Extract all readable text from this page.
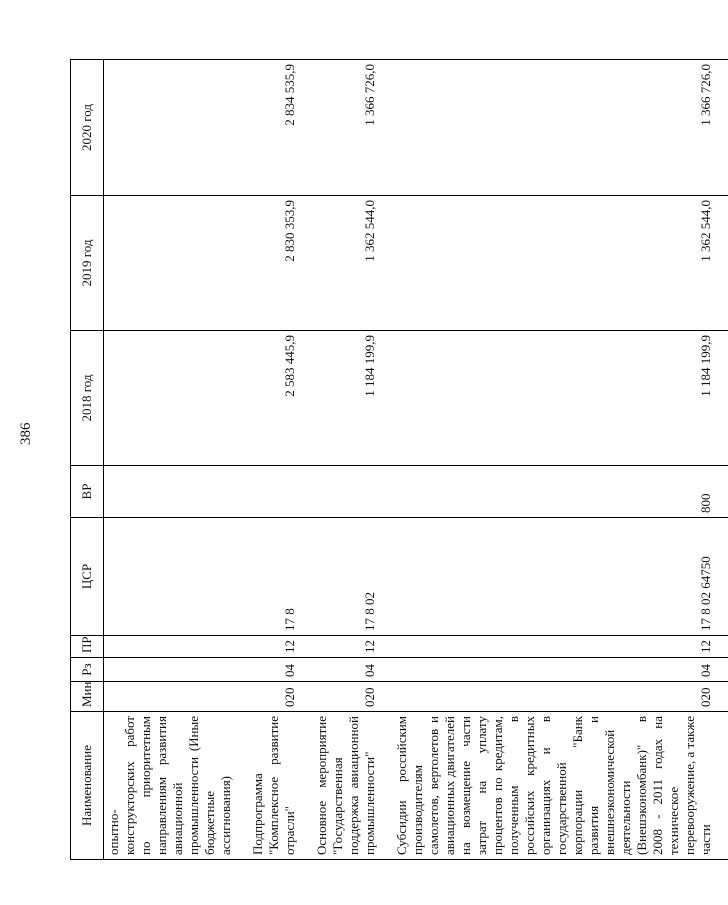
386
Наименование	Мин	Рз	ПР	ЦСР	ВР	2018 год	2019 год	2020 год
опытно-конструкторских работ по приоритетным направлениям развития авиационной промышленности (Иные бюджетные ассигнования)								
Подпрограмма "Комплексное развитие отрасли"	020	04	12	17 8		2 583 445,9	2 830 353,9	2 834 535,9
Основное мероприятие "Государственная поддержка авиационной промышленности"	020	04	12	17 8 02		1 184 199,9	1 362 544,0	1 366 726,0
Субсидии российским производителям самолетов, вертолетов и авиационных двигателей на возмещение части затрат на уплату процентов по кредитам, полученным в российских кредитных организациях и в государственной корпорации "Банк развития и внешнеэкономической деятельности (Внешэкономбанк)" в 2008 - 2011 годах на техническое перевооружение, а также части	020	04	12	17 8 02 64750	800	1 184 199,9	1 362 544,0	1 366 726,0
